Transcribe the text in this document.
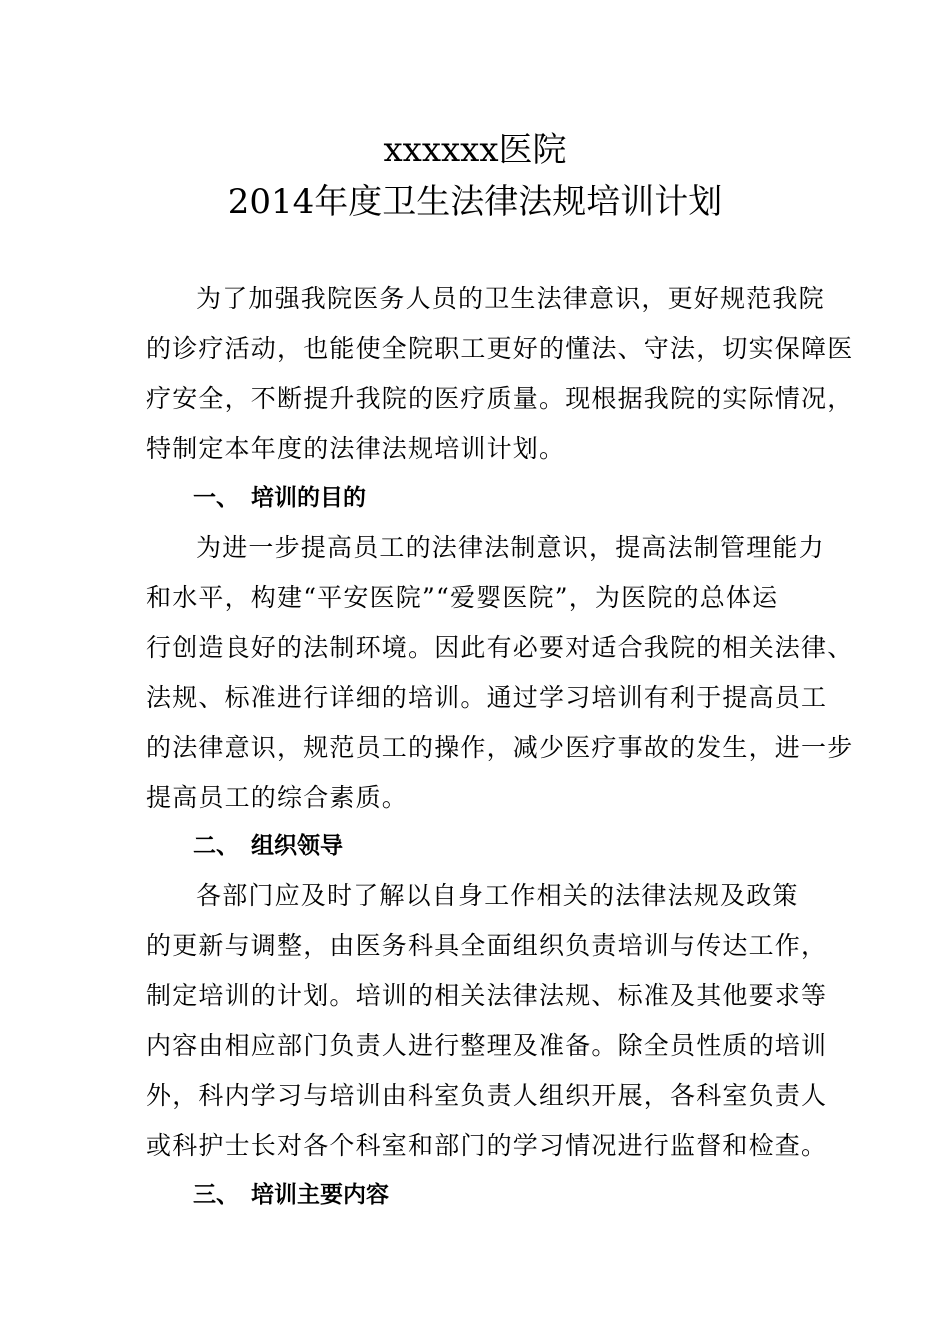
xxxxxx医院
2014年度卫生法律法规培训计划
为了加强我院医务人员的卫生法律意识，更好规范我院
的诊疗活动，也能使全院职工更好的懂法、守法，切实保障医
疗安全，不断提升我院的医疗质量。现根据我院的实际情况，
特制定本年度的法律法规培训计划。
一、 培训的目的
为进一步提高员工的法律法制意识，提高法制管理能力
和水平，构建“平安医院”“爱婴医院”，为医院的总体运
行创造良好的法制环境。因此有必要对适合我院的相关法律、
法规、标准进行详细的培训。通过学习培训有利于提高员工
的法律意识，规范员工的操作，减少医疗事故的发生，进一步
提高员工的综合素质。
二、 组织领导
各部门应及时了解以自身工作相关的法律法规及政策
的更新与调整，由医务科具全面组织负责培训与传达工作，
制定培训的计划。培训的相关法律法规、标准及其他要求等
内容由相应部门负责人进行整理及准备。除全员性质的培训
外，科内学习与培训由科室负责人组织开展，各科室负责人
或科护士长对各个科室和部门的学习情况进行监督和检查。
三、 培训主要内容
